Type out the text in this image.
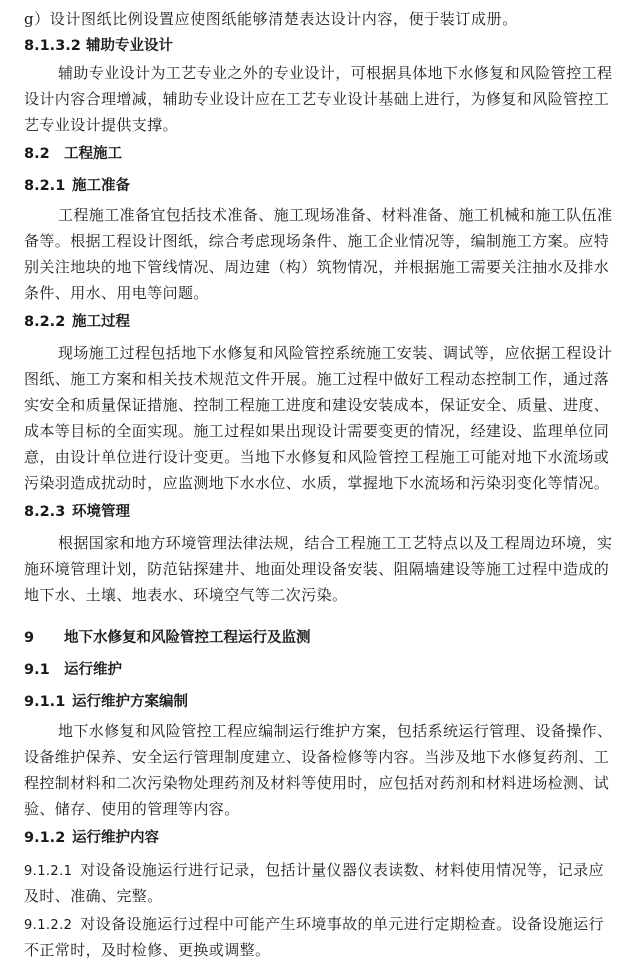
g）设计图纸比例设置应使图纸能够清楚表达设计内容，便于装订成册。
8.1.3.2 辅助专业设计
辅助专业设计为工艺专业之外的专业设计，可根据具体地下水修复和风险管控工程设计内容合理增减，辅助专业设计应在工艺专业设计基础上进行，为修复和风险管控工艺专业设计提供支撑。
8.2 工程施工
8.2.1 施工准备
工程施工准备宜包括技术准备、施工现场准备、材料准备、施工机械和施工队伍准备等。根据工程设计图纸，综合考虑现场条件、施工企业情况等，编制施工方案。应特别关注地块的地下管线情况、周边建（构）筑物情况，并根据施工需要关注抽水及排水条件、用水、用电等问题。
8.2.2 施工过程
现场施工过程包括地下水修复和风险管控系统施工安装、调试等，应依据工程设计图纸、施工方案和相关技术规范文件开展。施工过程中做好工程动态控制工作，通过落实安全和质量保证措施、控制工程施工进度和建设安装成本，保证安全、质量、进度、成本等目标的全面实现。施工过程如果出现设计需要变更的情况，经建设、监理单位同意，由设计单位进行设计变更。当地下水修复和风险管控工程施工可能对地下水流场或污染羽造成扰动时，应监测地下水水位、水质，掌握地下水流场和污染羽变化等情况。
8.2.3 环境管理
根据国家和地方环境管理法律法规，结合工程施工工艺特点以及工程周边环境，实施环境管理计划，防范钻探建井、地面处理设备安装、阻隔墙建设等施工过程中造成的地下水、土壤、地表水、环境空气等二次污染。
9 地下水修复和风险管控工程运行及监测
9.1 运行维护
9.1.1 运行维护方案编制
地下水修复和风险管控工程应编制运行维护方案，包括系统运行管理、设备操作、设备维护保养、安全运行管理制度建立、设备检修等内容。当涉及地下水修复药剂、工程控制材料和二次污染物处理药剂及材料等使用时，应包括对药剂和材料进场检测、试验、储存、使用的管理等内容。
9.1.2 运行维护内容
9.1.2.1 对设备设施运行进行记录，包括计量仪器仪表读数、材料使用情况等，记录应及时、准确、完整。
9.1.2.2 对设备设施运行过程中可能产生环境事故的单元进行定期检查。设备设施运行不正常时，及时检修、更换或调整。
